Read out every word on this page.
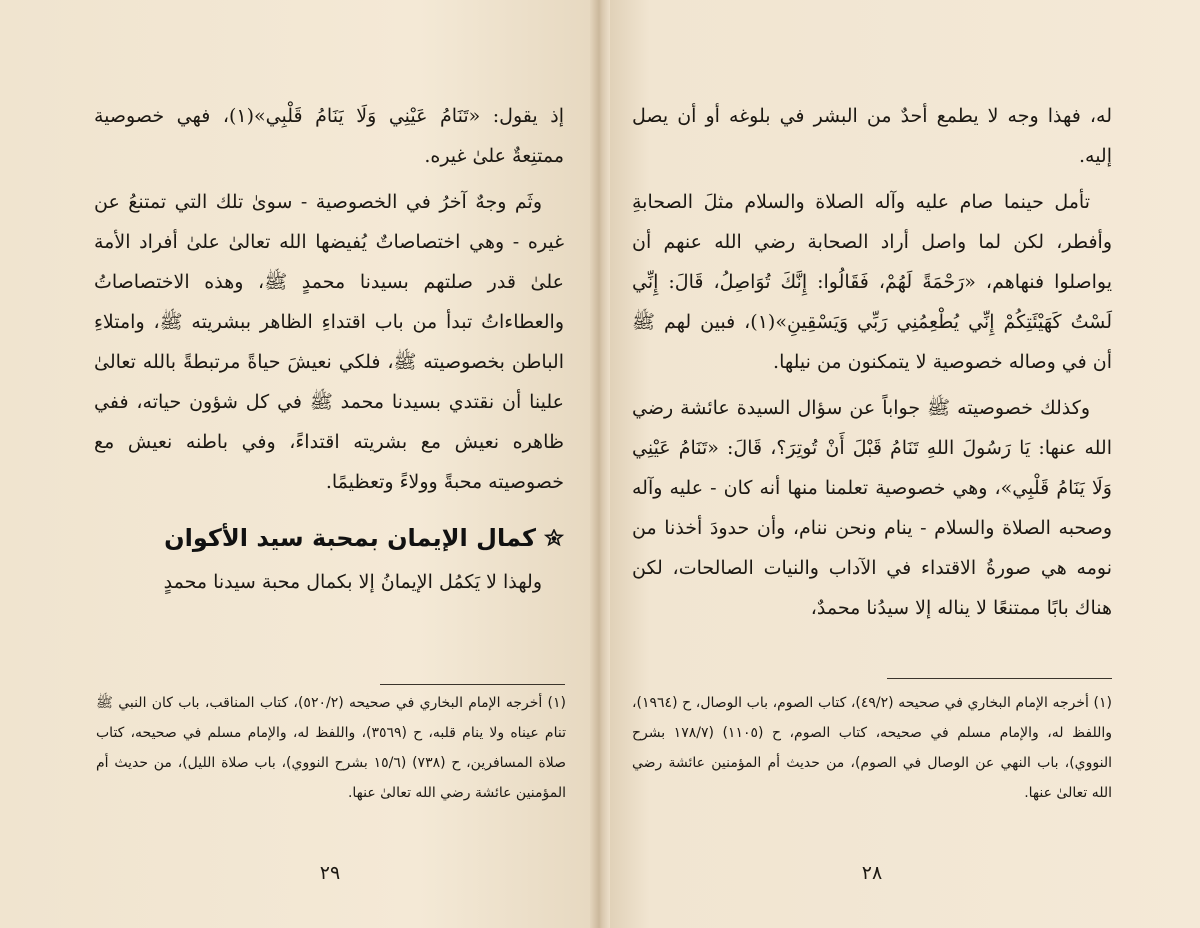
إذ يقول: «تَنَامُ عَيْنِي وَلَا يَنَامُ قَلْبِي»(١)، فهي خصوصية ممتنِعةٌ علىٰ غيره.

وثَم وجهٌ آخرُ في الخصوصية - سوىٰ تلك التي تمتنعُ عن غيره - وهي اختصاصاتٌ يُفيضها الله تعالىٰ علىٰ أفراد الأمة علىٰ قدر صلتهم بسيدنا محمدٍ ﷺ، وهذه الاختصاصاتُ والعطاءاتُ تبدأ من باب اقتداءِ الظاهر ببشريته ﷺ، وامتلاءِ الباطن بخصوصيته ﷺ، فلكي نعيشَ حياةً مرتبطةً بالله تعالىٰ علينا أن نقتدي بسيدنا محمد ﷺ في كل شؤون حياته، ففي ظاهره نعيش مع بشريته اقتداءً، وفي باطنه نعيش مع خصوصيته محبةً وولاءً وتعظيمًا.

كمال الإيمان بمحبة سيد الأكوان

ولهذا لا يَكمُل الإيمانُ إلا بكمال محبة سيدنا محمدٍ

(١) أخرجه الإمام البخاري في صحيحه (٥٢٠/٢)، كتاب المناقب، باب كان النبي ﷺ تنام عيناه ولا ينام قلبه، ح (٣٥٦٩)، واللفظ له، والإمام مسلم في صحيحه، كتاب صلاة المسافرين، ح (٧٣٨) (١٥/٦ بشرح النووي)، باب صلاة الليل)، من حديث أم المؤمنين عائشة رضي الله تعالىٰ عنها.

٢٩

له، فهذا وجه لا يطمع أحدٌ من البشر في بلوغه أو أن يصل إليه.

تأمل حينما صام عليه وآله الصلاة والسلام مثلَ الصحابةِ وأفطر، لكن لما واصل أراد الصحابة رضي الله عنهم أن يواصلوا فنهاهم، «رَحْمَةً لَهُمْ، فَقَالُوا: إِنَّكَ تُوَاصِلُ، قَالَ: إِنِّي لَسْتُ كَهَيْئَتِكُمْ إِنِّي يُطْعِمُنِي رَبِّي وَيَسْقِينِ»(١)، فبين لهم ﷺ أن في وصاله خصوصية لا يتمكنون من نيلها.

وكذلك خصوصيته ﷺ جواباً عن سؤال السيدة عائشة رضي الله عنها: يَا رَسُولَ اللهِ تَنَامُ قَبْلَ أَنْ تُوتِرَ؟، قَالَ: «تَنَامُ عَيْنِي وَلَا يَنَامُ قَلْبِي»، وهي خصوصية تعلمنا منها أنه كان - عليه وآله وصحبه الصلاة والسلام - ينام ونحن ننام، وأن حدودَ أخذنا من نومه هي صورةُ الاقتداء في الآداب والنيات الصالحات، لكن هناك بابًا ممتنعًا لا يناله إلا سيدُنا محمدٌ،

(١) أخرجه الإمام البخاري في صحيحه (٤٩/٢)، كتاب الصوم، باب الوصال، ح (١٩٦٤)، واللفظ له، والإمام مسلم في صحيحه، كتاب الصوم، ح (١١٠٥) (١٧٨/٧ بشرح النووي)، باب النهي عن الوصال في الصوم)، من حديث أم المؤمنين عائشة رضي الله تعالىٰ عنها.

٢٨
